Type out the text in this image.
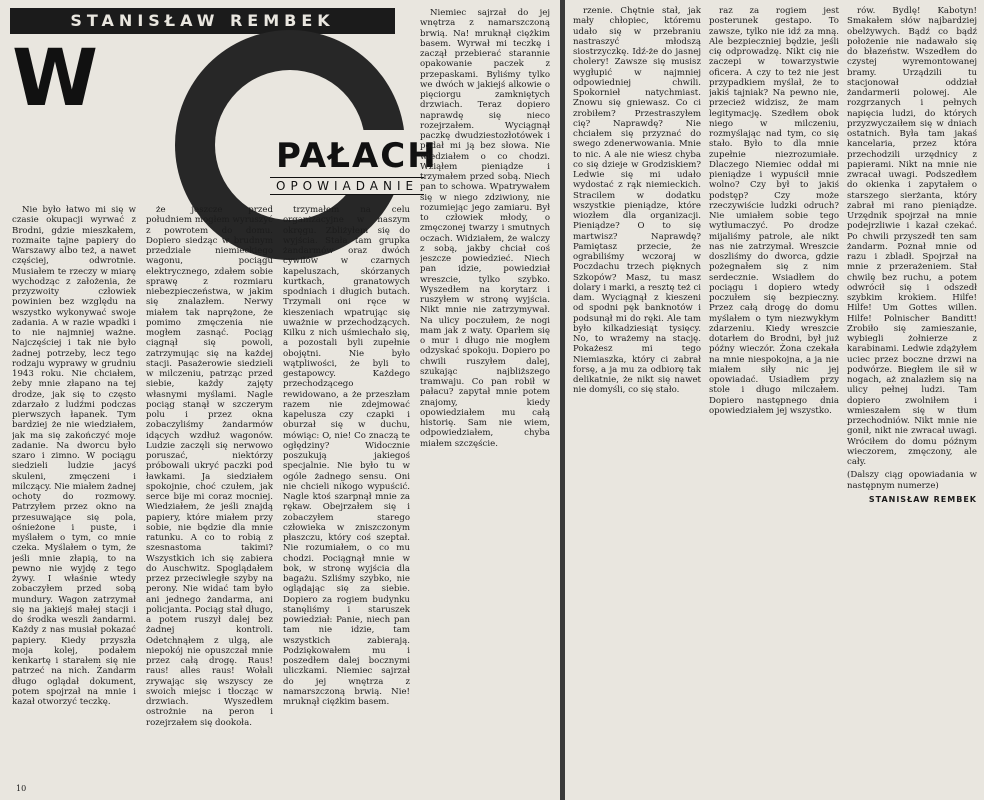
STANISŁAW REMBEK
W
PAŁACH
OPOWIADANIE

Nie było łatwo mi się w czasie okupacji wyrwać z Brodni, gdzie mieszkałem, rozmaite tajne papiery do Warszawy albo też, a nawet częściej, odwrotnie. Musiałem te rzeczy w miarę wychodząc z założenia, że przyzwoity człowiek powinien bez względu na wszystko wykonywać swoje zadania. A w razie wpadki i to nie najmniej ważne. Najczęściej i tak nie było żadnej potrzeby, lecz tego rodzaju wyprawy w grudniu 1943 roku. Nie chciałem, żeby mnie złapano na tej drodze, jak się to często zdarzało z ludźmi podczas pierwszych łapanek. Tym bardziej że nie wiedziałem, jak ma się zakończyć moje zadanie. Na dworcu było szaro i zimno. W pociągu siedzieli ludzie jacyś skuleni, zmęczeni i milczący. Nie miałem żadnej ochoty do rozmowy. Patrzyłem przez okno na przesuwające się pola, ośnieżone i puste, i myślałem o tym, co mnie czeka. Myślałem o tym, że jeśli mnie złapią, to na pewno nie wyjdę z tego żywy. I właśnie wtedy zobaczyłem przed sobą mundury. Wagon zatrzymał się na jakiejś małej stacji i do środka weszli żandarmi. Każdy z nas musiał pokazać papiery. Kiedy przyszła moja kolej, podałem kenkartę i starałem się nie patrzeć na nich. Żandarm długo oglądał dokument, potem spojrzał na mnie i kazał otworzyć teczkę.

że jeszcze przed południem mogłem wyruszyć z powrotem do domu. Dopiero siedząc w brudnym przedziale niemieckiego wagonu, pociągu elektrycznego, zdałem sobie sprawę z rozmiaru niebezpieczeństwa, w jakim się znalazłem. Nerwy miałem tak naprężone, że pomimo zmęczenia nie mogłem zasnąć. Pociąg ciągnął się powoli, zatrzymując się na każdej stacji. Pasażerowie siedzieli w milczeniu, patrząc przed siebie, każdy zajęty własnymi myślami. Nagle pociąg stanął w szczerym polu i przez okna zobaczyliśmy żandarmów idących wzdłuż wagonów. Ludzie zaczęli się nerwowo poruszać, niektórzy próbowali ukryć paczki pod ławkami. Ja siedziałem spokojnie, choć czułem, jak serce bije mi coraz mocniej. Wiedziałem, że jeśli znajdą papiery, które miałem przy sobie, nie będzie dla mnie ratunku. A co to robią z szesnastoma takimi? Wszystkich ich się zabiera do Auschwitz. Spoglądałem przez przeciwległe szyby na perony. Nie widać tam było ani jednego żandarma, ani policjanta. Pociąg stał długo, a potem ruszył dalej bez żadnej kontroli. Odetchnąłem z ulgą, ale niepokój nie opuszczał mnie przez całą drogę. Raus! raus! alles raus! Wołali zrywając się wszyscy ze swoich miejsc i tłocząc w drzwiach. Wyszedłem ostrożnie na peron i rozejrzałem się dookoła.

trzymałem na celu organizacyjne w naszym okręgu. Zbliżyłem się do wyjścia. Stała tam grupka żandarmów oraz dwóch cywilów w czarnych kapeluszach, skórzanych kurtkach, granatowych spodniach i długich butach. Trzymali oni ręce w kieszeniach wpatrując się uważnie w przechodzących. Kilku z nich uśmiechało się, a pozostali byli zupełnie obojętni. Nie było wątpliwości, że byli to gestapowcy. Każdego przechodzącego rewidowano, a że przeszłam razem nie zdejmować kapelusza czy czapki i oburzał się w duchu, mówiąc: O, nie! Co znaczą te ogłędziny? Widocznie poszukują jakiegoś specjalnie. Nie było tu w ogóle żadnego sensu. Oni nie chcieli nikogo wypuścić. Nagle ktoś szarpnął mnie za rękaw. Obejrzałem się i zobaczyłem starego człowieka w zniszczonym płaszczu, który coś szeptał. Nie rozumiałem, o co mu chodzi. Pociągnął mnie w bok, w stronę wyjścia dla bagażu. Szliśmy szybko, nie oglądając się za siebie. Dopiero za rogiem budynku stanęliśmy i staruszek powiedział: Panie, niech pan tam nie idzie, tam wszystkich zabierają. Podziękowałem mu i poszedłem dalej bocznymi uliczkami. Niemiec sajrzał do jej wnętrza z namarszczoną brwią. Nie! mruknął ciężkim basem.

Niemiec sajrzał do jej wnętrza z namarszczoną brwią. Na! mruknął ciężkim basem. Wyrwał mi teczkę i zaczął przebierać starannie opakowanie paczek z przepaskami. Byliśmy tylko we dwóch w jakiejś alkowie o pięciorgu zamkniętych drzwiach. Teraz dopiero naprawdę się nieco rozejrzałem. Wyciągnął paczkę dwudziestozłotówek i podał mi ją bez słowa. Nie wiedziałem o co chodzi. Wziąłem pieniądze i trzymałem przed sobą. Niech pan to schowa. Wpatrywałem się w niego zdziwiony, nie rozumiejąc jego zamiaru. Był to człowiek młody, o zmęczonej twarzy i smutnych oczach. Widziałem, że walczy z sobą, jakby chciał coś jeszcze powiedzieć. Niech pan idzie, powiedział wreszcie, tylko szybko. Wyszedłem na korytarz i ruszyłem w stronę wyjścia. Nikt mnie nie zatrzymywał. Na ulicy poczułem, że nogi mam jak z waty. Oparłem się o mur i długo nie mogłem odzyskać spokoju. Dopiero po chwili ruszyłem dalej, szukając najbliższego tramwaju. Co pan robił w pałacu? zapytał mnie potem znajomy, kiedy opowiedziałem mu całą historię. Sam nie wiem, odpowiedziałem, chyba miałem szczęście.

10

rzenie. Chętnie stał, jak mały chłopiec, któremu udało się w przebraniu nastraszyć młodszą siostrzyczkę. Idź-że do jasnej cholery! Zawsze się musisz wygłupić w najmniej odpowiedniej chwili. Spokornieł natychmiast. Znowu się gniewasz. Co ci zrobiłem? Przestraszyłem cię? Naprawdę? Nie chciałem się przyznać do swego zdenerwowania. Mnie to nic. A ale nie wiesz chyba co się dzieje w Grodziskiem? Ledwie się mi udało wydostać z rąk niemieckich. Stracilem w dodatku wszystkie pieniądze, które wiozłem dla organizacji. Pieniądze? O to się martwisz? Naprawdę? Pamiętasz przecie, że ograbiliśmy wczoraj w Poczdachu trzech pięknych Szkopów? Masz, tu masz dolary i marki, a resztę też ci dam. Wyciągnął z kieszeni od spodni pęk banknotów i podsunął mi do ręki. Ale tam było kilkadziesiąt tysięcy. No, to wrażemy na stację. Pokażesz mi tego Niemiaszka, który ci zabrał forsę, a ja mu za odbiorę tak delikatnie, że nikt się nawet nie domyśli, co się stało.

raz za rogiem jest posterunek gestapo. To zawsze, tylko nie idź za mną. Ale bezpieczniej będzie, jeśli cię odprowadzę. Nikt cię nie zaczepi w towarzystwie oficera. A czy to też nie jest przypadkiem myślał, że to jakiś tajniak? Na pewno nie, przecież widzisz, że mam legitymację. Szedłem obok niego w milczeniu, rozmyślając nad tym, co się stało. Było to dla mnie zupełnie niezrozumiałe. Dlaczego Niemiec oddał mi pieniądze i wypuścił mnie wolno? Czy był to jakiś podstęp? Czy może rzeczywiście ludzki odruch? Nie umiałem sobie tego wytłumaczyć. Po drodze mijaliśmy patrole, ale nikt nas nie zatrzymał. Wreszcie doszliśmy do dworca, gdzie pożegnałem się z nim serdecznie. Wsiadłem do pociągu i dopiero wtedy poczułem się bezpieczny. Przez całą drogę do domu myślałem o tym niezwykłym zdarzeniu. Kiedy wreszcie dotarłem do Brodni, był już późny wieczór. Żona czekała na mnie niespokojna, a ja nie miałem siły nic jej opowiadać. Usiadłem przy stole i długo milczałem. Dopiero następnego dnia opowiedziałem jej wszystko.

rów. Bydlę! Kabotyn! Smakałem słów najbardziej obelżywych. Bądź co bądź położenie nie nadawało się do błazeństw. Wszedłem do czystej wyremontowanej bramy. Urządzili tu stacjonował oddział żandarmerii polowej. Ale rozgrzanych i pełnych napięcia ludzi, do których przyzwyczaiłem się w dniach ostatnich. Była tam jakaś kancelaria, przez która przechodzili urzędnicy z papierami. Nikt na mnie nie zwracał uwagi. Podszedłem do okienka i zapytałem o starszego sierżanta, który zabrał mi rano pieniądze. Urzędnik spojrzał na mnie podejrzliwie i kazał czekać. Po chwili przyszedł ten sam żandarm. Poznał mnie od razu i zbladł. Spojrzał na mnie z przerażeniem. Stał chwilę bez ruchu, a potem odwrócił się i odszedł szybkim krokiem. Hilfe! Hilfe! Um Gottes willen. Hilfe! Polnischer Banditt! Zrobiło się zamieszanie, wybiegli żołnierze z karabinami. Ledwie zdążyłem uciec przez boczne drzwi na podwórze. Biegłem ile sił w nogach, aż znalazłem się na ulicy pełnej ludzi. Tam dopiero zwolniłem i wmieszałem się w tłum przechodniów. Nikt mnie nie gonił, nikt nie zwracał uwagi. Wróciłem do domu późnym wieczorem, zmęczony, ale cały.

(Dalszy ciąg opowiadania w następnym numerze)

STANISŁAW REMBEK
